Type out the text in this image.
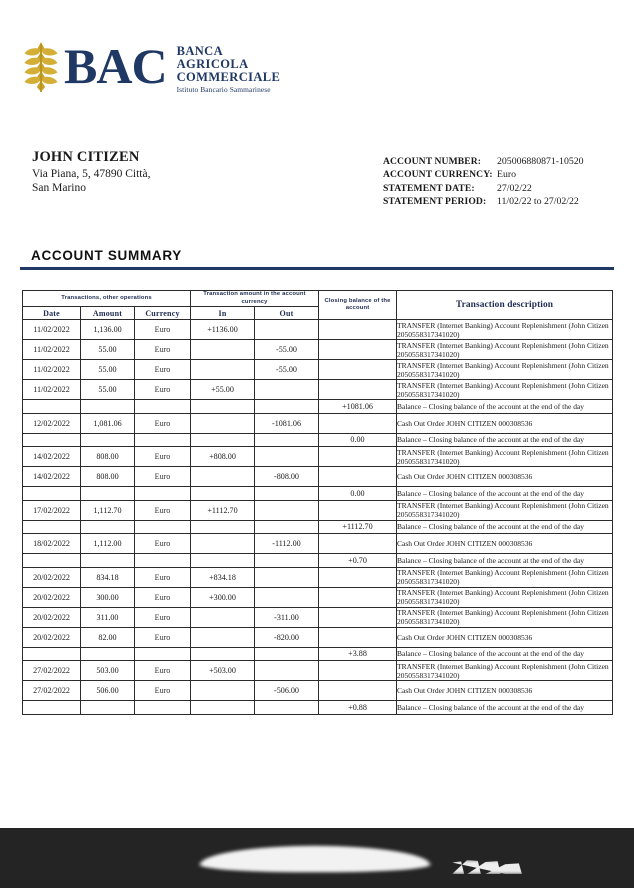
BAC BANCA
AGRICOLA
COMMERCIALE
Istituto Bancario Sammarinese
JOHN CITIZEN
Via Piana, 5, 47890 Città,
San Marino
ACCOUNT NUMBER:	205006880871-10520
ACCOUNT CURRENCY: Euro
STATEMENT DATE:	27/02/22
STATEMENT PERIOD:	11/02/22 to 27/02/22
ACCOUNT SUMMARY
Transactions, other operations			Transaction amount in the account currency		Closing balance of the account	Transaction description
Date	Amount	Currency	In	Out		
11/02/2022	1,136.00	Euro	+1136.00			TRANSFER (Internet Banking) Account Replenishment (John Citizen 2050558317341020)
11/02/2022	55.00	Euro		-55.00		TRANSFER (Internet Banking) Account Replenishment (John Citizen 2050558317341020)
11/02/2022	55.00	Euro		-55.00		TRANSFER (Internet Banking) Account Replenishment (John Citizen 2050558317341020)
11/02/2022	55.00	Euro	+55.00			TRANSFER (Internet Banking) Account Replenishment (John Citizen 2050558317341020)
					+1081.06	Balance – Closing balance of the account at the end of the day
12/02/2022	1,081.06	Euro		-1081.06		Cash Out Order JOHN CITIZEN 000308536
					0.00	Balance – Closing balance of the account at the end of the day
14/02/2022	808.00	Euro	+808.00			TRANSFER (Internet Banking) Account Replenishment (John Citizen 2050558317341020)
14/02/2022	808.00	Euro		-808.00		Cash Out Order JOHN CITIZEN 000308536
					0.00	Balance – Closing balance of the account at the end of the day
17/02/2022	1,112.70	Euro	+1112.70			TRANSFER (Internet Banking) Account Replenishment (John Citizen 2050558317341020)
					+1112.70	Balance – Closing balance of the account at the end of the day
18/02/2022	1,112.00	Euro		-1112.00		Cash Out Order JOHN CITIZEN 000308536
					+0.70	Balance – Closing balance of the account at the end of the day
20/02/2022	834.18	Euro	+834.18			TRANSFER (Internet Banking) Account Replenishment (John Citizen 2050558317341020)
20/02/2022	300.00	Euro	+300.00			TRANSFER (Internet Banking) Account Replenishment (John Citizen 2050558317341020)
20/02/2022	311.00	Euro		-311.00		TRANSFER (Internet Banking) Account Replenishment (John Citizen 2050558317341020)
20/02/2022	82.00	Euro		-820.00		Cash Out Order JOHN CITIZEN 000308536
					+3.88	Balance – Closing balance of the account at the end of the day
27/02/2022	503.00	Euro	+503.00			TRANSFER (Internet Banking) Account Replenishment (John Citizen 2050558317341020)
27/02/2022	506.00	Euro		-506.00		Cash Out Order JOHN CITIZEN 000308536
					+0.88	Balance – Closing balance of the account at the end of the day
